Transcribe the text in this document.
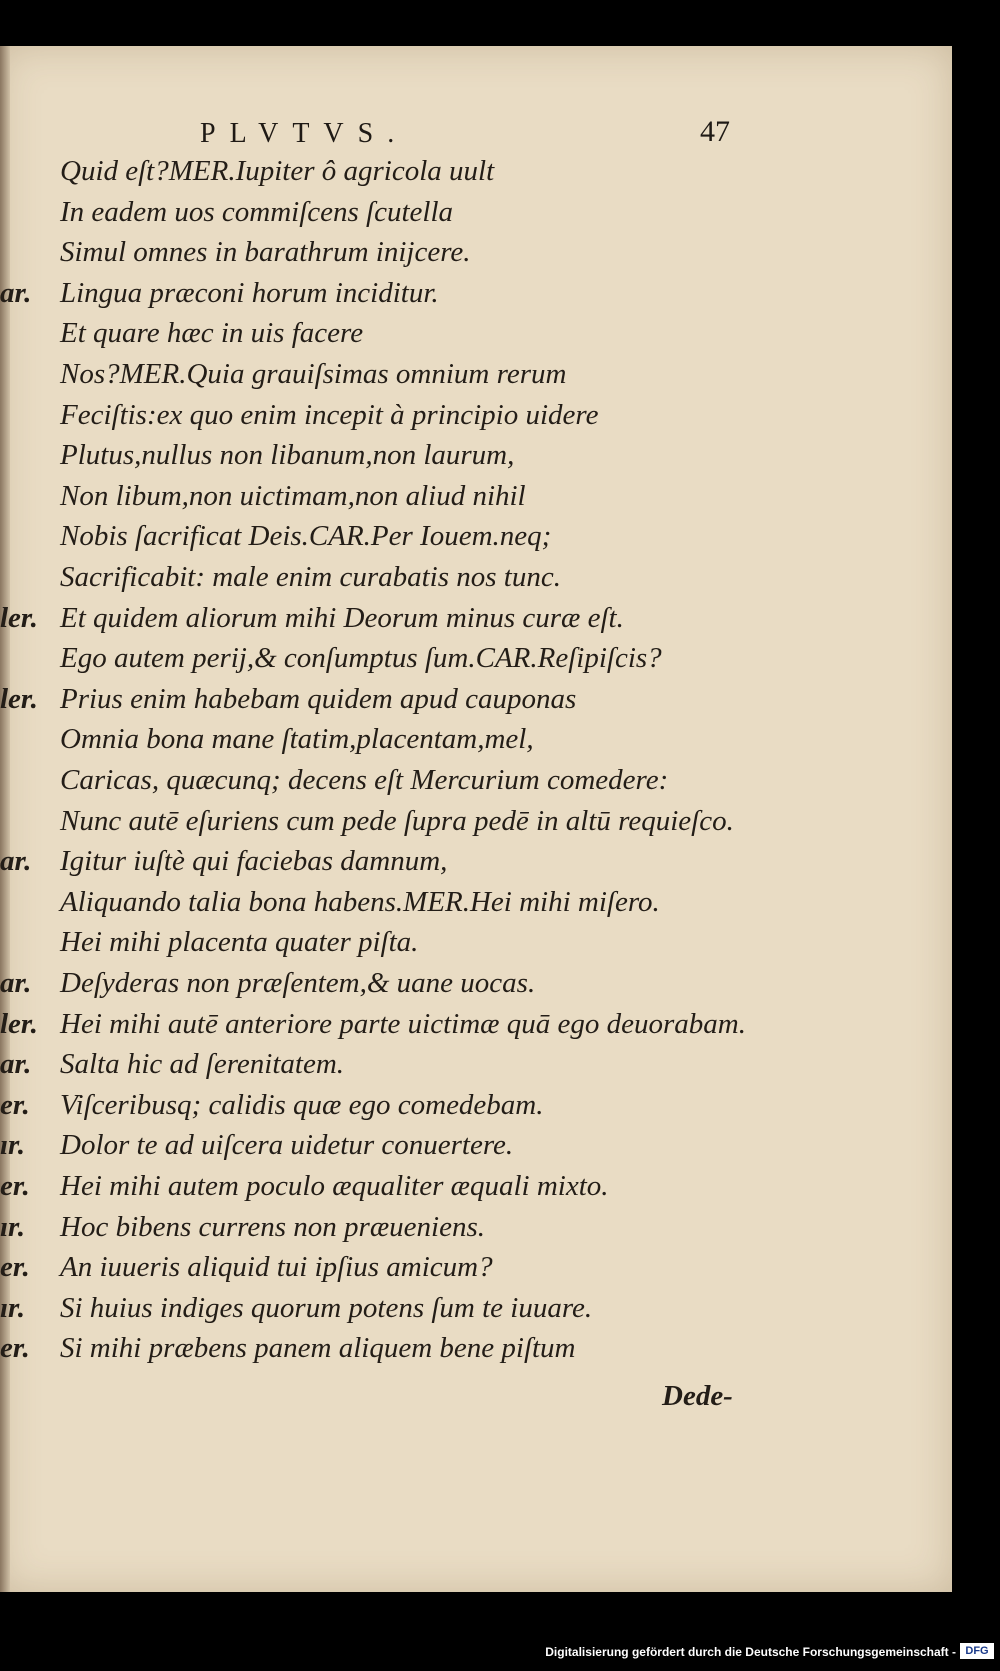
PLVTVS.	47
Quid eſt?MER.Iupiter ô agricola uult
In eadem uos commiſcens ſcutella
Simul omnes in barathrum inijcere.
ar. Lingua præconi horum inciditur.
Et quare hæc in uis facere
Nos?MER.Quia grauiſsimas omnium rerum
Feciſtis:ex quo enim incepit à principio uidere
Plutus,nullus non libanum,non laurum,
Non libum,non uictimam,non aliud nihil
Nobis ſacrificat Deis.CAR.Per Iouem.neq;
Sacrificabit: male enim curabatis nos tunc.
ler. Et quidem aliorum mihi Deorum minus curæ eſt.
Ego autem perij,& conſumptus ſum.CAR.Reſipiſcis?
ler. Prius enim habebam quidem apud cauponas
Omnia bona mane ſtatim,placentam,mel,
Caricas, quæcunq; decens eſt Mercurium comedere:
Nunc autē eſuriens cum pede ſupra pedē in altū requieſco.
ar. Igitur iuſtè qui faciebas damnum,
Aliquando talia bona habens.MER.Hei mihi miſero.
Hei mihi placenta quater piſta.
ar. Deſyderas non præſentem,& uane uocas.
ler. Hei mihi autē anteriore parte uictimæ quā ego deuorabam.
ar. Salta hic ad ſerenitatem.
er.	Viſceribusq; calidis quæ ego comedebam.
ır.	Dolor te ad uiſcera uidetur conuertere.
er.	Hei mihi autem poculo æqualiter æquali mixto.
ır.	Hoc bibens currens non præueniens.
er.	An iuueris aliquid tui ipſius amicum?
ır.	Si huius indiges quorum potens ſum te iuuare.
er.	Si mihi præbens panem aliquem bene piſtum
Dede-
Digitalisierung gefördert durch die Deutsche Forschungsgemeinschaft - DFG
